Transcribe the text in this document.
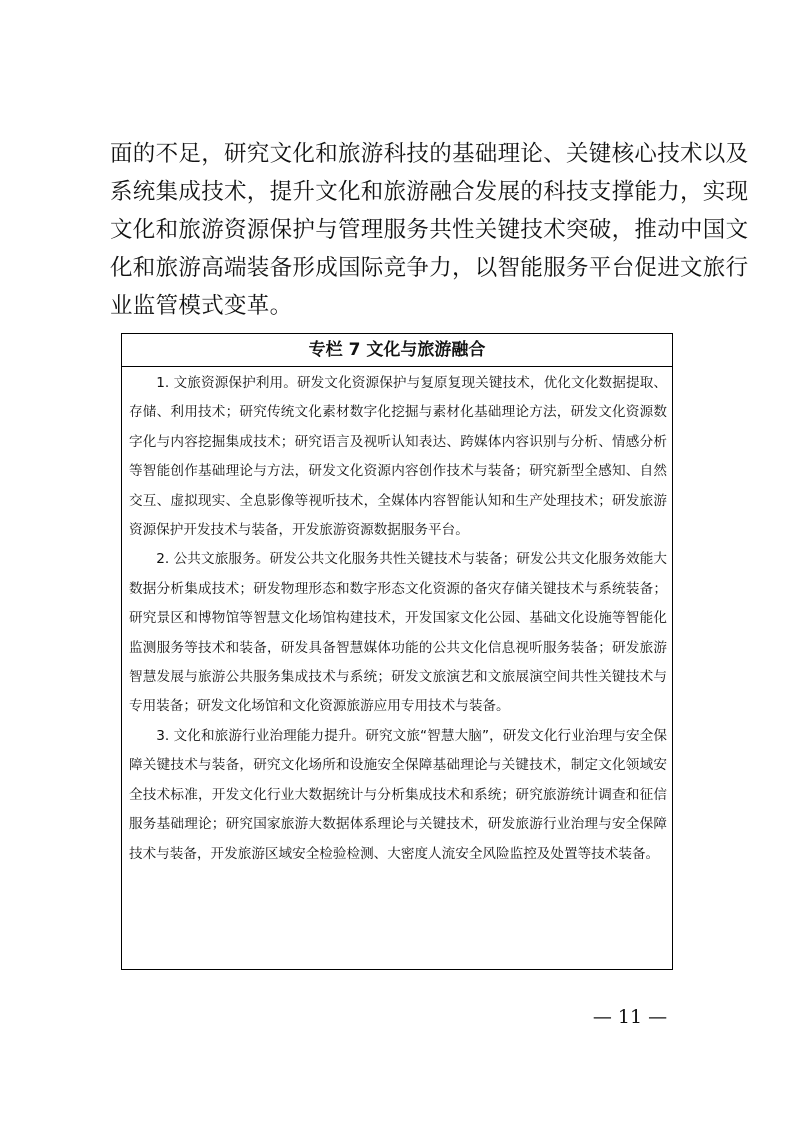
面的不足，研究文化和旅游科技的基础理论、关键核心技术以及
系统集成技术，提升文化和旅游融合发展的科技支撑能力，实现
文化和旅游资源保护与管理服务共性关键技术突破，推动中国文
化和旅游高端装备形成国际竞争力，以智能服务平台促进文旅行
业监管模式变革。
专栏 7 文化与旅游融合

1. 文旅资源保护利用。研发文化资源保护与复原复现关键技术，优化文化数据提取、存储、利用技术；研究传统文化素材数字化挖掘与素材化基础理论方法，研发文化资源数字化与内容挖掘集成技术；研究语言及视听认知表达、跨媒体内容识别与分析、情感分析等智能创作基础理论与方法，研发文化资源内容创作技术与装备；研究新型全感知、自然交互、虚拟现实、全息影像等视听技术，全媒体内容智能认知和生产处理技术；研发旅游资源保护开发技术与装备，开发旅游资源数据服务平台。

2. 公共文旅服务。研发公共文化服务共性关键技术与装备；研发公共文化服务效能大数据分析集成技术；研发物理形态和数字形态文化资源的备灾存储关键技术与系统装备；研究景区和博物馆等智慧文化场馆构建技术，开发国家文化公园、基础文化设施等智能化监测服务等技术和装备，研发具备智慧媒体功能的公共文化信息视听服务装备；研发旅游智慧发展与旅游公共服务集成技术与系统；研发文旅演艺和文旅展演空间共性关键技术与专用装备；研发文化场馆和文化资源旅游应用专用技术与装备。

3. 文化和旅游行业治理能力提升。研究文旅“智慧大脑”，研发文化行业治理与安全保障关键技术与装备，研究文化场所和设施安全保障基础理论与关键技术，制定文化领域安全技术标准，开发文化行业大数据统计与分析集成技术和系统；研究旅游统计调查和征信服务基础理论；研究国家旅游大数据体系理论与关键技术，研发旅游行业治理与安全保障技术与装备，开发旅游区域安全检验检测、大密度人流安全风险监控及处置等技术装备。

— 11 —
